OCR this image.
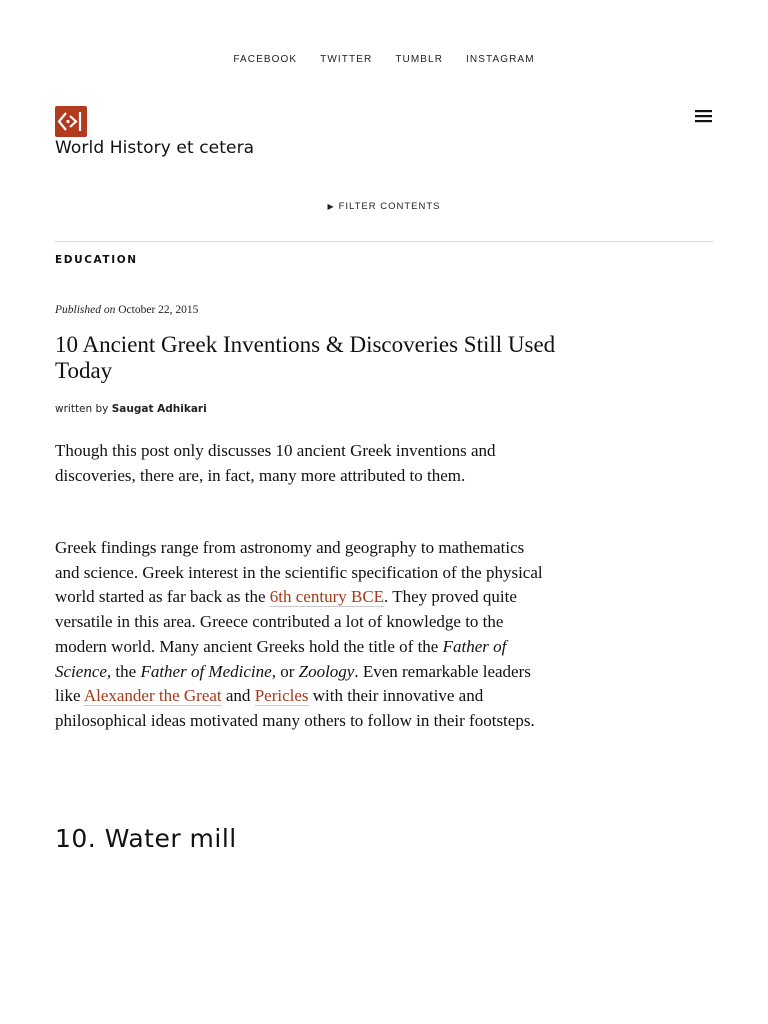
FACEBOOK TWITTER TUMBLR INSTAGRAM
World History et cetera
▶ FILTER CONTENTS
EDUCATION
Published on October 22, 2015
10 Ancient Greek Inventions & Discoveries Still Used Today
written by Saugat Adhikari

Though this post only discusses 10 ancient Greek inventions and discoveries, there are, in fact, many more attributed to them.

Greek findings range from astronomy and geography to mathematics and science. Greek interest in the scientific specification of the physical world started as far back as the 6th century BCE. They proved quite versatile in this area. Greece contributed a lot of knowledge to the modern world. Many ancient Greeks hold the title of the Father of Science, the Father of Medicine, or Zoology. Even remarkable leaders like Alexander the Great and Pericles with their innovative and philosophical ideas motivated many others to follow in their footsteps.

10. Water mill
